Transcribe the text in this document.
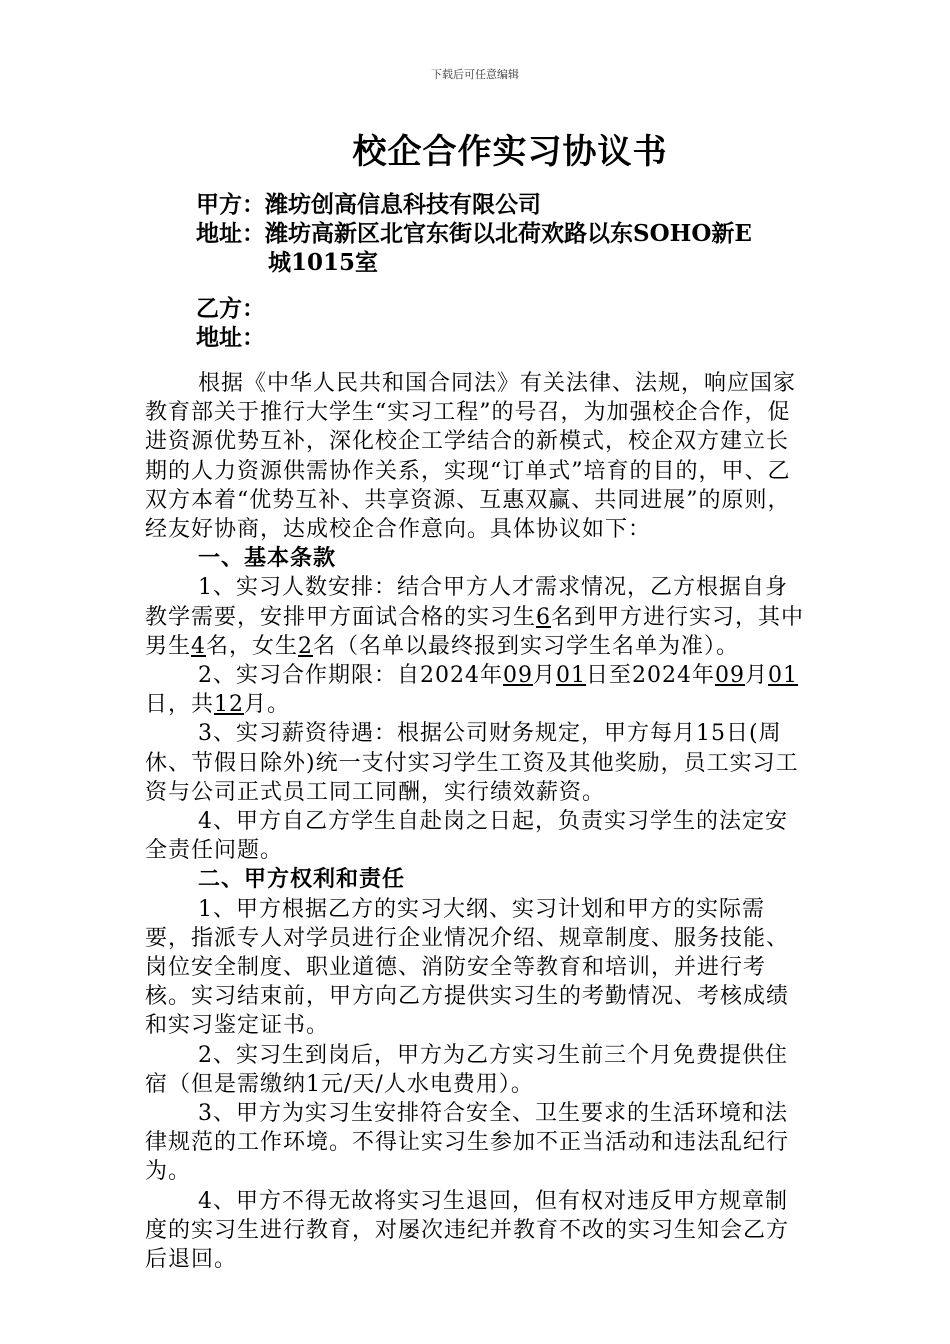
下载后可任意编辑
校企合作实习协议书
甲方：潍坊创高信息科技有限公司
地址：潍坊高新区北官东街以北荷欢路以东SOHO新E
城1015室
乙方：
地址：

根据《中华人民共和国合同法》有关法律、法规，响应国家教育部关于推行大学生“实习工程”的号召，为加强校企合作，促进资源优势互补，深化校企工学结合的新模式，校企双方建立长期的人力资源供需协作关系，实现“订单式”培育的目的，甲、乙双方本着“优势互补、共享资源、互惠双赢、共同进展”的原则，经友好协商，达成校企合作意向。具体协议如下：

一、基本条款

1、实习人数安排：结合甲方人才需求情况，乙方根据自身教学需要，安排甲方面试合格的实习生6名到甲方进行实习，其中男生4名，女生2名（名单以最终报到实习学生名单为准）。

2、实习合作期限：自2024年09月01日至2024年09月01日，共12月。

3、实习薪资待遇：根据公司财务规定，甲方每月15日(周休、节假日除外)统一支付实习学生工资及其他奖励，员工实习工资与公司正式员工同工同酬，实行绩效薪资。

4、甲方自乙方学生自赴岗之日起，负责实习学生的法定安全责任问题。

二、甲方权利和责任

1、甲方根据乙方的实习大纲、实习计划和甲方的实际需要，指派专人对学员进行企业情况介绍、规章制度、服务技能、岗位安全制度、职业道德、消防安全等教育和培训，并进行考核。实习结束前，甲方向乙方提供实习生的考勤情况、考核成绩和实习鉴定证书。

2、实习生到岗后，甲方为乙方实习生前三个月免费提供住宿（但是需缴纳1元/天/人水电费用）。

3、甲方为实习生安排符合安全、卫生要求的生活环境和法律规范的工作环境。不得让实习生参加不正当活动和违法乱纪行为。

4、甲方不得无故将实习生退回，但有权对违反甲方规章制度的实习生进行教育，对屡次违纪并教育不改的实习生知会乙方后退回。
